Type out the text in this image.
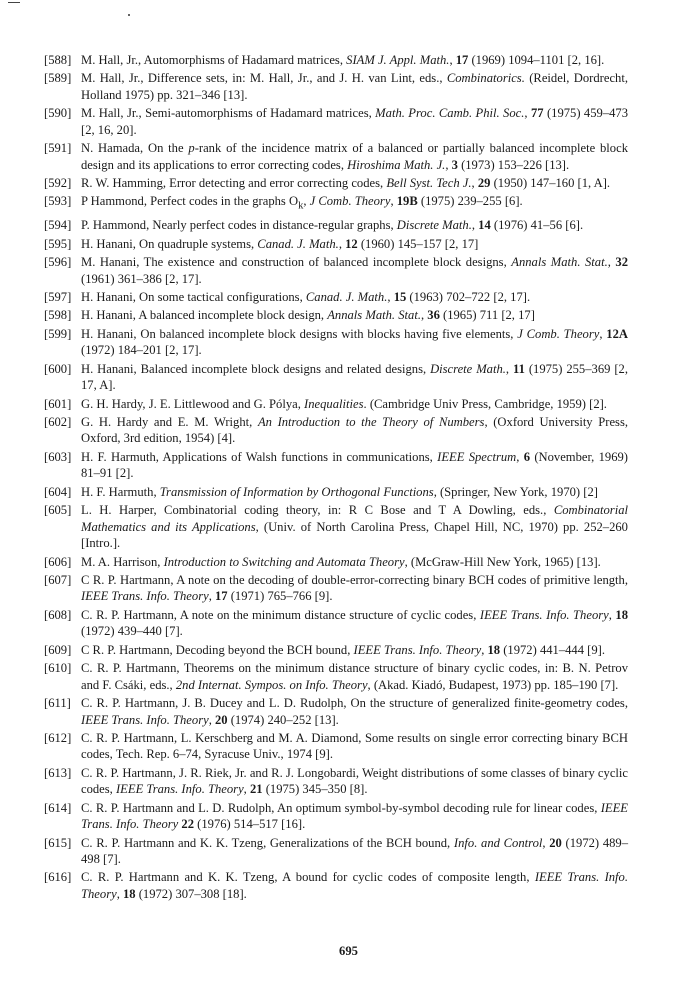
[588] M. Hall, Jr., Automorphisms of Hadamard matrices, SIAM J. Appl. Math., 17 (1969) 1094–1101 [2, 16].
[589] M. Hall, Jr., Difference sets, in: M. Hall, Jr., and J. H. van Lint, eds., Combinatorics. (Reidel, Dordrecht, Holland 1975) pp. 321–346 [13].
[590] M. Hall, Jr., Semi-automorphisms of Hadamard matrices, Math. Proc. Camb. Phil. Soc., 77 (1975) 459–473 [2, 16, 20].
[591] N. Hamada, On the p-rank of the incidence matrix of a balanced or partially balanced incomplete block design and its applications to error correcting codes, Hiroshima Math. J., 3 (1973) 153–226 [13].
[592] R. W. Hamming, Error detecting and error correcting codes, Bell Syst. Tech J., 29 (1950) 147–160 [1, A].
[593] P Hammond, Perfect codes in the graphs $O_k$, J Comb. Theory, 19B (1975) 239–255 [6].
[594] P. Hammond, Nearly perfect codes in distance-regular graphs, Discrete Math., 14 (1976) 41–56 [6].
[595] H. Hanani, On quadruple systems, Canad. J. Math., 12 (1960) 145–157 [2, 17]
[596] M. Hanani, The existence and construction of balanced incomplete block designs, Annals Math. Stat., 32 (1961) 361–386 [2, 17].
[597] H. Hanani, On some tactical configurations, Canad. J. Math., 15 (1963) 702–722 [2, 17].
[598] H. Hanani, A balanced incomplete block design, Annals Math. Stat., 36 (1965) 711 [2, 17]
[599] H. Hanani, On balanced incomplete block designs with blocks having five elements, J Comb. Theory, 12A (1972) 184–201 [2, 17].
[600] H. Hanani, Balanced incomplete block designs and related designs, Discrete Math., 11 (1975) 255–369 [2, 17, A].
[601] G. H. Hardy, J. E. Littlewood and G. Pólya, Inequalities. (Cambridge Univ Press, Cambridge, 1959) [2].
[602] G. H. Hardy and E. M. Wright, An Introduction to the Theory of Numbers, (Oxford University Press, Oxford, 3rd edition, 1954) [4].
[603] H. F. Harmuth, Applications of Walsh functions in communications, IEEE Spectrum, 6 (November, 1969) 81–91 [2].
[604] H. F. Harmuth, Transmission of Information by Orthogonal Functions, (Springer, New York, 1970) [2]
[605] L. H. Harper, Combinatorial coding theory, in: R C Bose and T A Dowling, eds., Combinatorial Mathematics and its Applications, (Univ. of North Carolina Press, Chapel Hill, NC, 1970) pp. 252–260 [Intro.].
[606] M. A. Harrison, Introduction to Switching and Automata Theory, (McGraw-Hill New York, 1965) [13].
[607] C R. P. Hartmann, A note on the decoding of double-error-correcting binary BCH codes of primitive length, IEEE Trans. Info. Theory, 17 (1971) 765–766 [9].
[608] C. R. P. Hartmann, A note on the minimum distance structure of cyclic codes, IEEE Trans. Info. Theory, 18 (1972) 439–440 [7].
[609] C R. P. Hartmann, Decoding beyond the BCH bound, IEEE Trans. Info. Theory, 18 (1972) 441–444 [9].
[610] C. R. P. Hartmann, Theorems on the minimum distance structure of binary cyclic codes, in: B. N. Petrov and F. Csáki, eds., 2nd Internat. Sympos. on Info. Theory, (Akad. Kiadó, Budapest, 1973) pp. 185–190 [7].
[611] C. R. P. Hartmann, J. B. Ducey and L. D. Rudolph, On the structure of generalized finite-geometry codes, IEEE Trans. Info. Theory, 20 (1974) 240–252 [13].
[612] C. R. P. Hartmann, L. Kerschberg and M. A. Diamond, Some results on single error correcting binary BCH codes, Tech. Rep. 6–74, Syracuse Univ., 1974 [9].
[613] C. R. P. Hartmann, J. R. Riek, Jr. and R. J. Longobardi, Weight distributions of some classes of binary cyclic codes, IEEE Trans. Info. Theory, 21 (1975) 345–350 [8].
[614] C. R. P. Hartmann and L. D. Rudolph, An optimum symbol-by-symbol decoding rule for linear codes, IEEE Trans. Info. Theory 22 (1976) 514–517 [16].
[615] C. R. P. Hartmann and K. K. Tzeng, Generalizations of the BCH bound, Info. and Control, 20 (1972) 489–498 [7].
[616] C. R. P. Hartmann and K. K. Tzeng, A bound for cyclic codes of composite length, IEEE Trans. Info. Theory, 18 (1972) 307–308 [18].
695
